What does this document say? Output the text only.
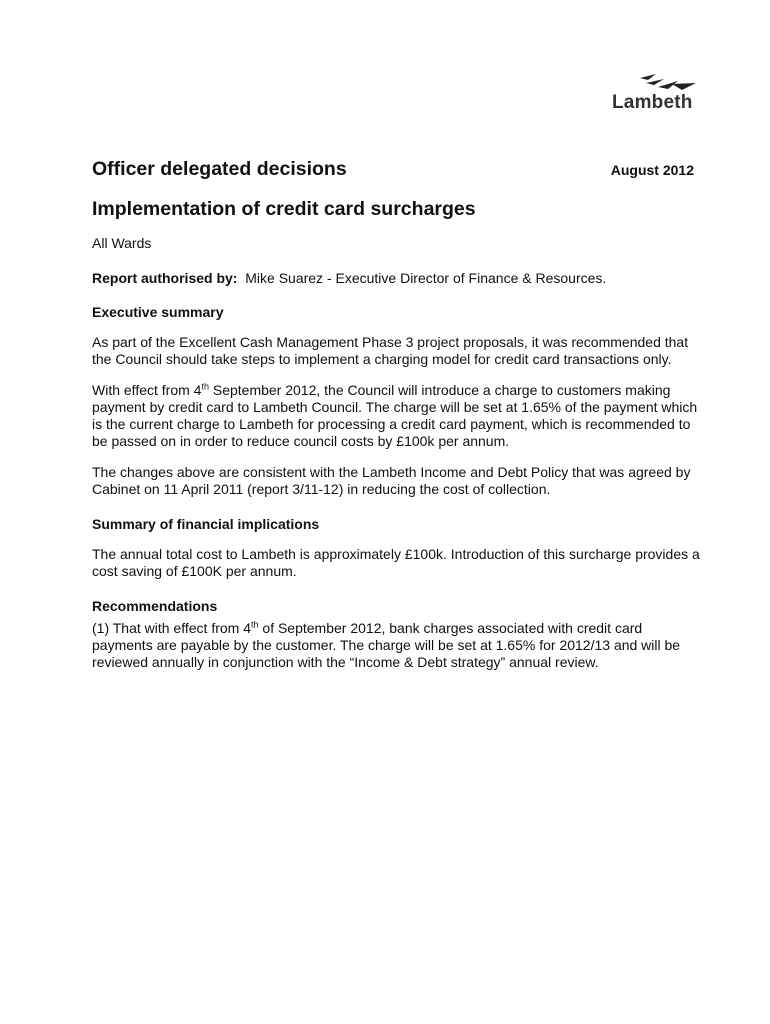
Lambeth
Officer delegated decisions	August 2012
Implementation of credit card surcharges
All Wards
Report authorised by: Mike Suarez - Executive Director of Finance & Resources.
Executive summary

As part of the Excellent Cash Management Phase 3 project proposals, it was recommended that the Council should take steps to implement a charging model for credit card transactions only.

With effect from 4th September 2012, the Council will introduce a charge to customers making payment by credit card to Lambeth Council. The charge will be set at 1.65% of the payment which is the current charge to Lambeth for processing a credit card payment, which is recommended to be passed on in order to reduce council costs by £100k per annum.

The changes above are consistent with the Lambeth Income and Debt Policy that was agreed by Cabinet on 11 April 2011 (report 3/11-12) in reducing the cost of collection.

Summary of financial implications

The annual total cost to Lambeth is approximately £100k. Introduction of this surcharge provides a cost saving of £100K per annum.

Recommendations

(1) That with effect from 4th of September 2012, bank charges associated with credit card payments are payable by the customer. The charge will be set at 1.65% for 2012/13 and will be reviewed annually in conjunction with the “Income & Debt strategy” annual review.
